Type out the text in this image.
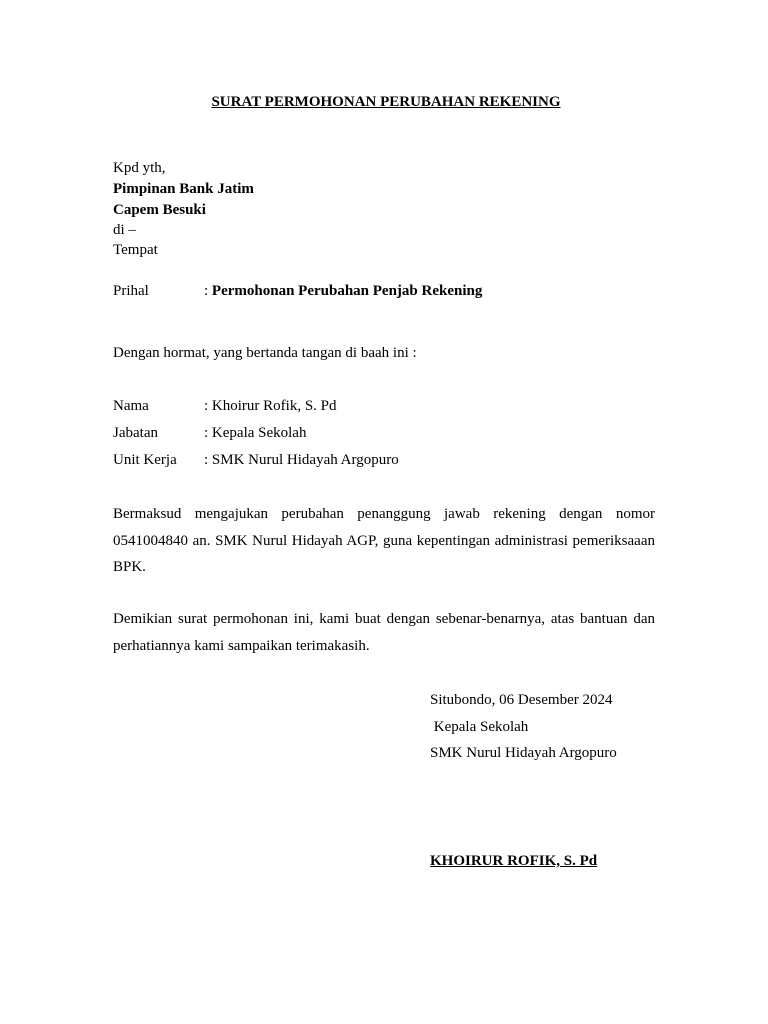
SURAT PERMOHONAN PERUBAHAN REKENING
Kpd yth,
Pimpinan Bank Jatim
Capem Besuki
di –
Tempat
Prihal	: Permohonan Perubahan Penjab Rekening
Dengan hormat, yang bertanda tangan di baah ini :
Nama	: Khoirur Rofik, S. Pd
Jabatan	: Kepala Sekolah
Unit Kerja : SMK Nurul Hidayah Argopuro
Bermaksud mengajukan perubahan penanggung jawab rekening dengan nomor 0541004840 an. SMK Nurul Hidayah AGP, guna kepentingan administrasi pemeriksaaan BPK.
Demikian surat permohonan ini, kami buat dengan sebenar-benarnya, atas bantuan dan perhatiannya kami sampaikan terimakasih.
Situbondo, 06 Desember 2024
Kepala Sekolah
SMK Nurul Hidayah Argopuro
KHOIRUR ROFIK, S. Pd
